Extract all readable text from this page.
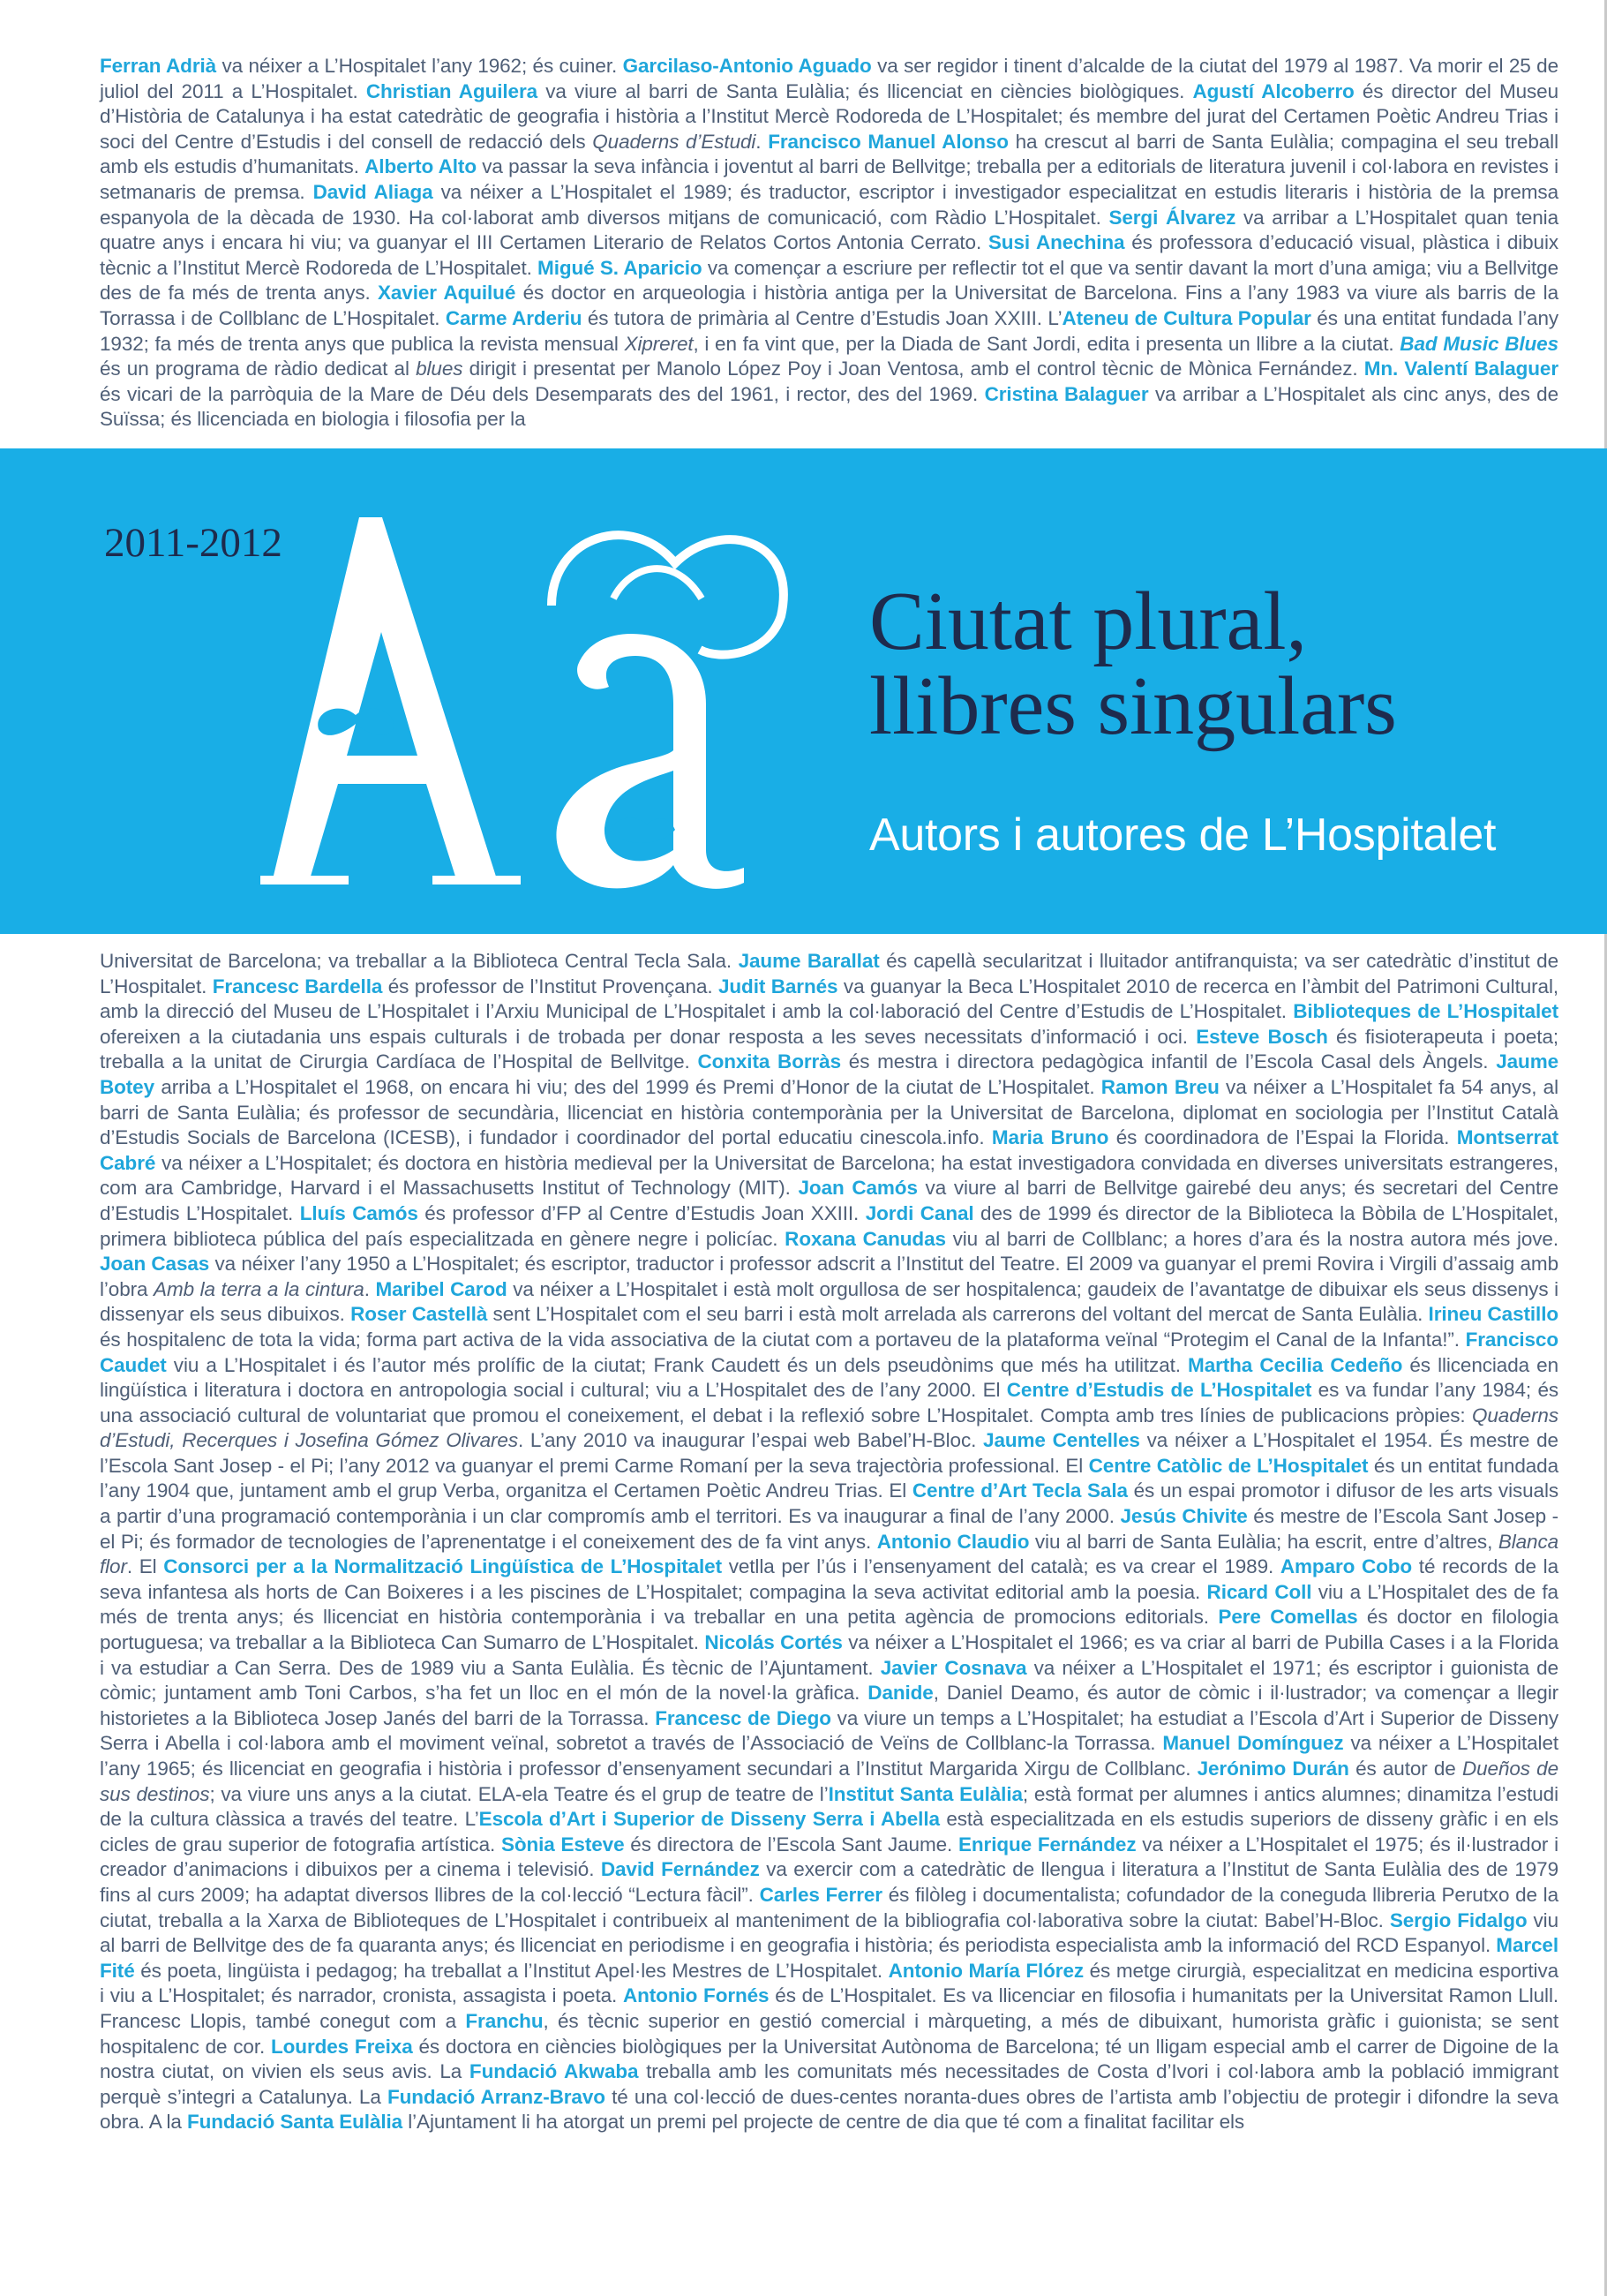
Ferran Adrià va néixer a L’Hospitalet l’any 1962; és cuiner. Garcilaso-Antonio Aguado va ser regidor i tinent d’alcalde de la ciutat del 1979 al 1987. Va morir el 25 de juliol del 2011 a L’Hospitalet. Christian Aguilera va viure al barri de Santa Eulàlia; és llicenciat en ciències biològiques. Agustí Alcoberro és director del Museu d’Història de Catalunya i ha estat catedràtic de geografia i història a l’Institut Mercè Rodoreda de L’Hospitalet; és membre del jurat del Certamen Poètic Andreu Trias i soci del Centre d’Estudis i del consell de redacció dels Quaderns d’Estudi. Francisco Manuel Alonso ha crescut al barri de Santa Eulàlia; compagina el seu treball amb els estudis d’humanitats. Alberto Alto va passar la seva infància i joventut al barri de Bellvitge; treballa per a editorials de literatura juvenil i col·labora en revistes i setmanaris de premsa. David Aliaga va néixer a L’Hospitalet el 1989; és traductor, escriptor i investigador especialitzat en estudis literaris i història de la premsa espanyola de la dècada de 1930. Ha col·laborat amb diversos mitjans de comunicació, com Ràdio L’Hospitalet. Sergi Álvarez va arribar a L’Hospitalet quan tenia quatre anys i encara hi viu; va guanyar el III Certamen Literario de Relatos Cortos Antonia Cerrato. Susi Anechina és professora d’educació visual, plàstica i dibuix tècnic a l’Institut Mercè Rodoreda de L’Hospitalet. Migué S. Aparicio va començar a escriure per reflectir tot el que va sentir davant la mort d’una amiga; viu a Bellvitge des de fa més de trenta anys. Xavier Aquilué és doctor en arqueologia i història antiga per la Universitat de Barcelona. Fins a l’any 1983 va viure als barris de la Torrassa i de Collblanc de L’Hospitalet. Carme Arderiu és tutora de primària al Centre d’Estudis Joan XXIII. L’Ateneu de Cultura Popular és una entitat fundada l’any 1932; fa més de trenta anys que publica la revista mensual Xipreret, i en fa vint que, per la Diada de Sant Jordi, edita i presenta un llibre a la ciutat. Bad Music Blues és un programa de ràdio dedicat al blues dirigit i presentat per Manolo López Poy i Joan Ventosa, amb el control tècnic de Mònica Fernández. Mn. Valentí Balaguer és vicari de la parròquia de la Mare de Déu dels Desemparats des del 1961, i rector, des del 1969. Cristina Balaguer va arribar a L’Hospitalet als cinc anys, des de Suïssa; és llicenciada en biologia i filosofia per la
2011-2012
Ciutat plural,
llibres singulars
Autors i autores de L’Hospitalet
Universitat de Barcelona; va treballar a la Biblioteca Central Tecla Sala. Jaume Barallat és capellà secularitzat i lluitador antifranquista; va ser catedràtic d’institut de L’Hospitalet. Francesc Bardella és professor de l’Institut Provençana. Judit Barnés va guanyar la Beca L’Hospitalet 2010 de recerca en l’àmbit del Patrimoni Cultural, amb la direcció del Museu de L’Hospitalet i l’Arxiu Municipal de L’Hospitalet i amb la col·laboració del Centre d’Estudis de L’Hospitalet. Biblioteques de L’Hospitalet ofereixen a la ciutadania uns espais culturals i de trobada per donar resposta a les seves necessitats d’informació i oci. Esteve Bosch és fisioterapeuta i poeta; treballa a la unitat de Cirurgia Cardíaca de l’Hospital de Bellvitge. Conxita Borràs és mestra i directora pedagògica infantil de l’Escola Casal dels Àngels. Jaume Botey arriba a L’Hospitalet el 1968, on encara hi viu; des del 1999 és Premi d’Honor de la ciutat de L’Hospitalet. Ramon Breu va néixer a L’Hospitalet fa 54 anys, al barri de Santa Eulàlia; és professor de secundària, llicenciat en història contemporània per la Universitat de Barcelona, diplomat en sociologia per l’Institut Català d’Estudis Socials de Barcelona (ICESB), i fundador i coordinador del portal educatiu cinescola.info. Maria Bruno és coordinadora de l’Espai la Florida. Montserrat Cabré va néixer a L’Hospitalet; és doctora en història medieval per la Universitat de Barcelona; ha estat investigadora convidada en diverses universitats estrangeres, com ara Cambridge, Harvard i el Massachusetts Institut of Technology (MIT). Joan Camós va viure al barri de Bellvitge gairebé deu anys; és secretari del Centre d’Estudis L’Hospitalet. Lluís Camós és professor d’FP al Centre d’Estudis Joan XXIII. Jordi Canal des de 1999 és director de la Biblioteca la Bòbila de L’Hospitalet, primera biblioteca pública del país especialitzada en gènere negre i policíac. Roxana Canudas viu al barri de Collblanc; a hores d’ara és la nostra autora més jove. Joan Casas va néixer l’any 1950 a L’Hospitalet; és escriptor, traductor i professor adscrit a l’Institut del Teatre. El 2009 va guanyar el premi Rovira i Virgili d’assaig amb l’obra Amb la terra a la cintura. Maribel Carod va néixer a L’Hospitalet i està molt orgullosa de ser hospitalenca; gaudeix de l’avantatge de dibuixar els seus dissenys i dissenyar els seus dibuixos. Roser Castellà sent L’Hospitalet com el seu barri i està molt arrelada als carrerons del voltant del mercat de Santa Eulàlia. Irineu Castillo és hospitalenc de tota la vida; forma part activa de la vida associativa de la ciutat com a portaveu de la plataforma veïnal “Protegim el Canal de la Infanta!”. Francisco Caudet viu a L’Hospitalet i és l’autor més prolífic de la ciutat; Frank Caudett és un dels pseudònims que més ha utilitzat. Martha Cecilia Cedeño és llicenciada en lingüística i literatura i doctora en antropologia social i cultural; viu a L’Hospitalet des de l’any 2000. El Centre d’Estudis de L’Hospitalet es va fundar l’any 1984; és una associació cultural de voluntariat que promou el coneixement, el debat i la reflexió sobre L’Hospitalet. Compta amb tres línies de publicacions pròpies: Quaderns d’Estudi, Recerques i Josefina Gómez Olivares. L’any 2010 va inaugurar l’espai web Babel’H-Bloc. Jaume Centelles va néixer a L’Hospitalet el 1954. És mestre de l’Escola Sant Josep - el Pi; l’any 2012 va guanyar el premi Carme Romaní per la seva trajectòria professional. El Centre Catòlic de L’Hospitalet és un entitat fundada l’any 1904 que, juntament amb el grup Verba, organitza el Certamen Poètic Andreu Trias. El Centre d’Art Tecla Sala és un espai promotor i difusor de les arts visuals a partir d’una programació contemporània i un clar compromís amb el territori. Es va inaugurar a final de l’any 2000. Jesús Chivite és mestre de l’Escola Sant Josep - el Pi; és formador de tecnologies de l’aprenentatge i el coneixement des de fa vint anys. Antonio Claudio viu al barri de Santa Eulàlia; ha escrit, entre d’altres, Blanca flor. El Consorci per a la Normalització Lingüística de L’Hospitalet vetlla per l’ús i l’ensenyament del català; es va crear el 1989. Amparo Cobo té records de la seva infantesa als horts de Can Boixeres i a les piscines de L’Hospitalet; compagina la seva activitat editorial amb la poesia. Ricard Coll viu a L’Hospitalet des de fa més de trenta anys; és llicenciat en història contemporània i va treballar en una petita agència de promocions editorials. Pere Comellas és doctor en filologia portuguesa; va treballar a la Biblioteca Can Sumarro de L’Hospitalet. Nicolás Cortés va néixer a L’Hospitalet el 1966; es va criar al barri de Pubilla Cases i a la Florida i va estudiar a Can Serra. Des de 1989 viu a Santa Eulàlia. És tècnic de l’Ajuntament. Javier Cosnava va néixer a L’Hospitalet el 1971; és escriptor i guionista de còmic; juntament amb Toni Carbos, s’ha fet un lloc en el món de la novel·la gràfica. Danide, Daniel Deamo, és autor de còmic i il·lustrador; va començar a llegir historietes a la Biblioteca Josep Janés del barri de la Torrassa. Francesc de Diego va viure un temps a L’Hospitalet; ha estudiat a l’Escola d’Art i Superior de Disseny Serra i Abella i col·labora amb el moviment veïnal, sobretot a través de l’Associació de Veïns de Collblanc-la Torrassa. Manuel Domínguez va néixer a L’Hospitalet l’any 1965; és llicenciat en geografia i història i professor d’ensenyament secundari a l’Institut Margarida Xirgu de Collblanc. Jerónimo Durán és autor de Dueños de sus destinos; va viure uns anys a la ciutat. ELA-ela Teatre és el grup de teatre de l’Institut Santa Eulàlia; està format per alumnes i antics alumnes; dinamitza l’estudi de la cultura clàssica a través del teatre. L’Escola d’Art i Superior de Disseny Serra i Abella està especialitzada en els estudis superiors de disseny gràfic i en els cicles de grau superior de fotografia artística. Sònia Esteve és directora de l’Escola Sant Jaume. Enrique Fernández va néixer a L’Hospitalet el 1975; és il·lustrador i creador d’animacions i dibuixos per a cinema i televisió. David Fernández va exercir com a catedràtic de llengua i literatura a l’Institut de Santa Eulàlia des de 1979 fins al curs 2009; ha adaptat diversos llibres de la col·lecció “Lectura fàcil”. Carles Ferrer és filòleg i documentalista; cofundador de la coneguda llibreria Perutxo de la ciutat, treballa a la Xarxa de Biblioteques de L’Hospitalet i contribueix al manteniment de la bibliografia col·laborativa sobre la ciutat: Babel’H-Bloc. Sergio Fidalgo viu al barri de Bellvitge des de fa quaranta anys; és llicenciat en periodisme i en geografia i història; és periodista especialista amb la informació del RCD Espanyol. Marcel Fité és poeta, lingüista i pedagog; ha treballat a l’Institut Apel·les Mestres de L’Hospitalet. Antonio María Flórez és metge cirurgià, especialitzat en medicina esportiva i viu a L’Hospitalet; és narrador, cronista, assagista i poeta. Antonio Fornés és de L’Hospitalet. Es va llicenciar en filosofia i humanitats per la Universitat Ramon Llull. Francesc Llopis, també conegut com a Franchu, és tècnic superior en gestió comercial i màrqueting, a més de dibuixant, humorista gràfic i guionista; se sent hospitalenc de cor. Lourdes Freixa és doctora en ciències biològiques per la Universitat Autònoma de Barcelona; té un lligam especial amb el carrer de Digoine de la nostra ciutat, on vivien els seus avis. La Fundació Akwaba treballa amb les comunitats més necessitades de Costa d’Ivori i col·labora amb la població immigrant perquè s’integri a Catalunya. La Fundació Arranz-Bravo té una col·lecció de dues-centes noranta-dues obres de l’artista amb l’objectiu de protegir i difondre la seva obra. A la Fundació Santa Eulàlia l’Ajuntament li ha atorgat un premi pel projecte de centre de dia que té com a finalitat facilitar els
